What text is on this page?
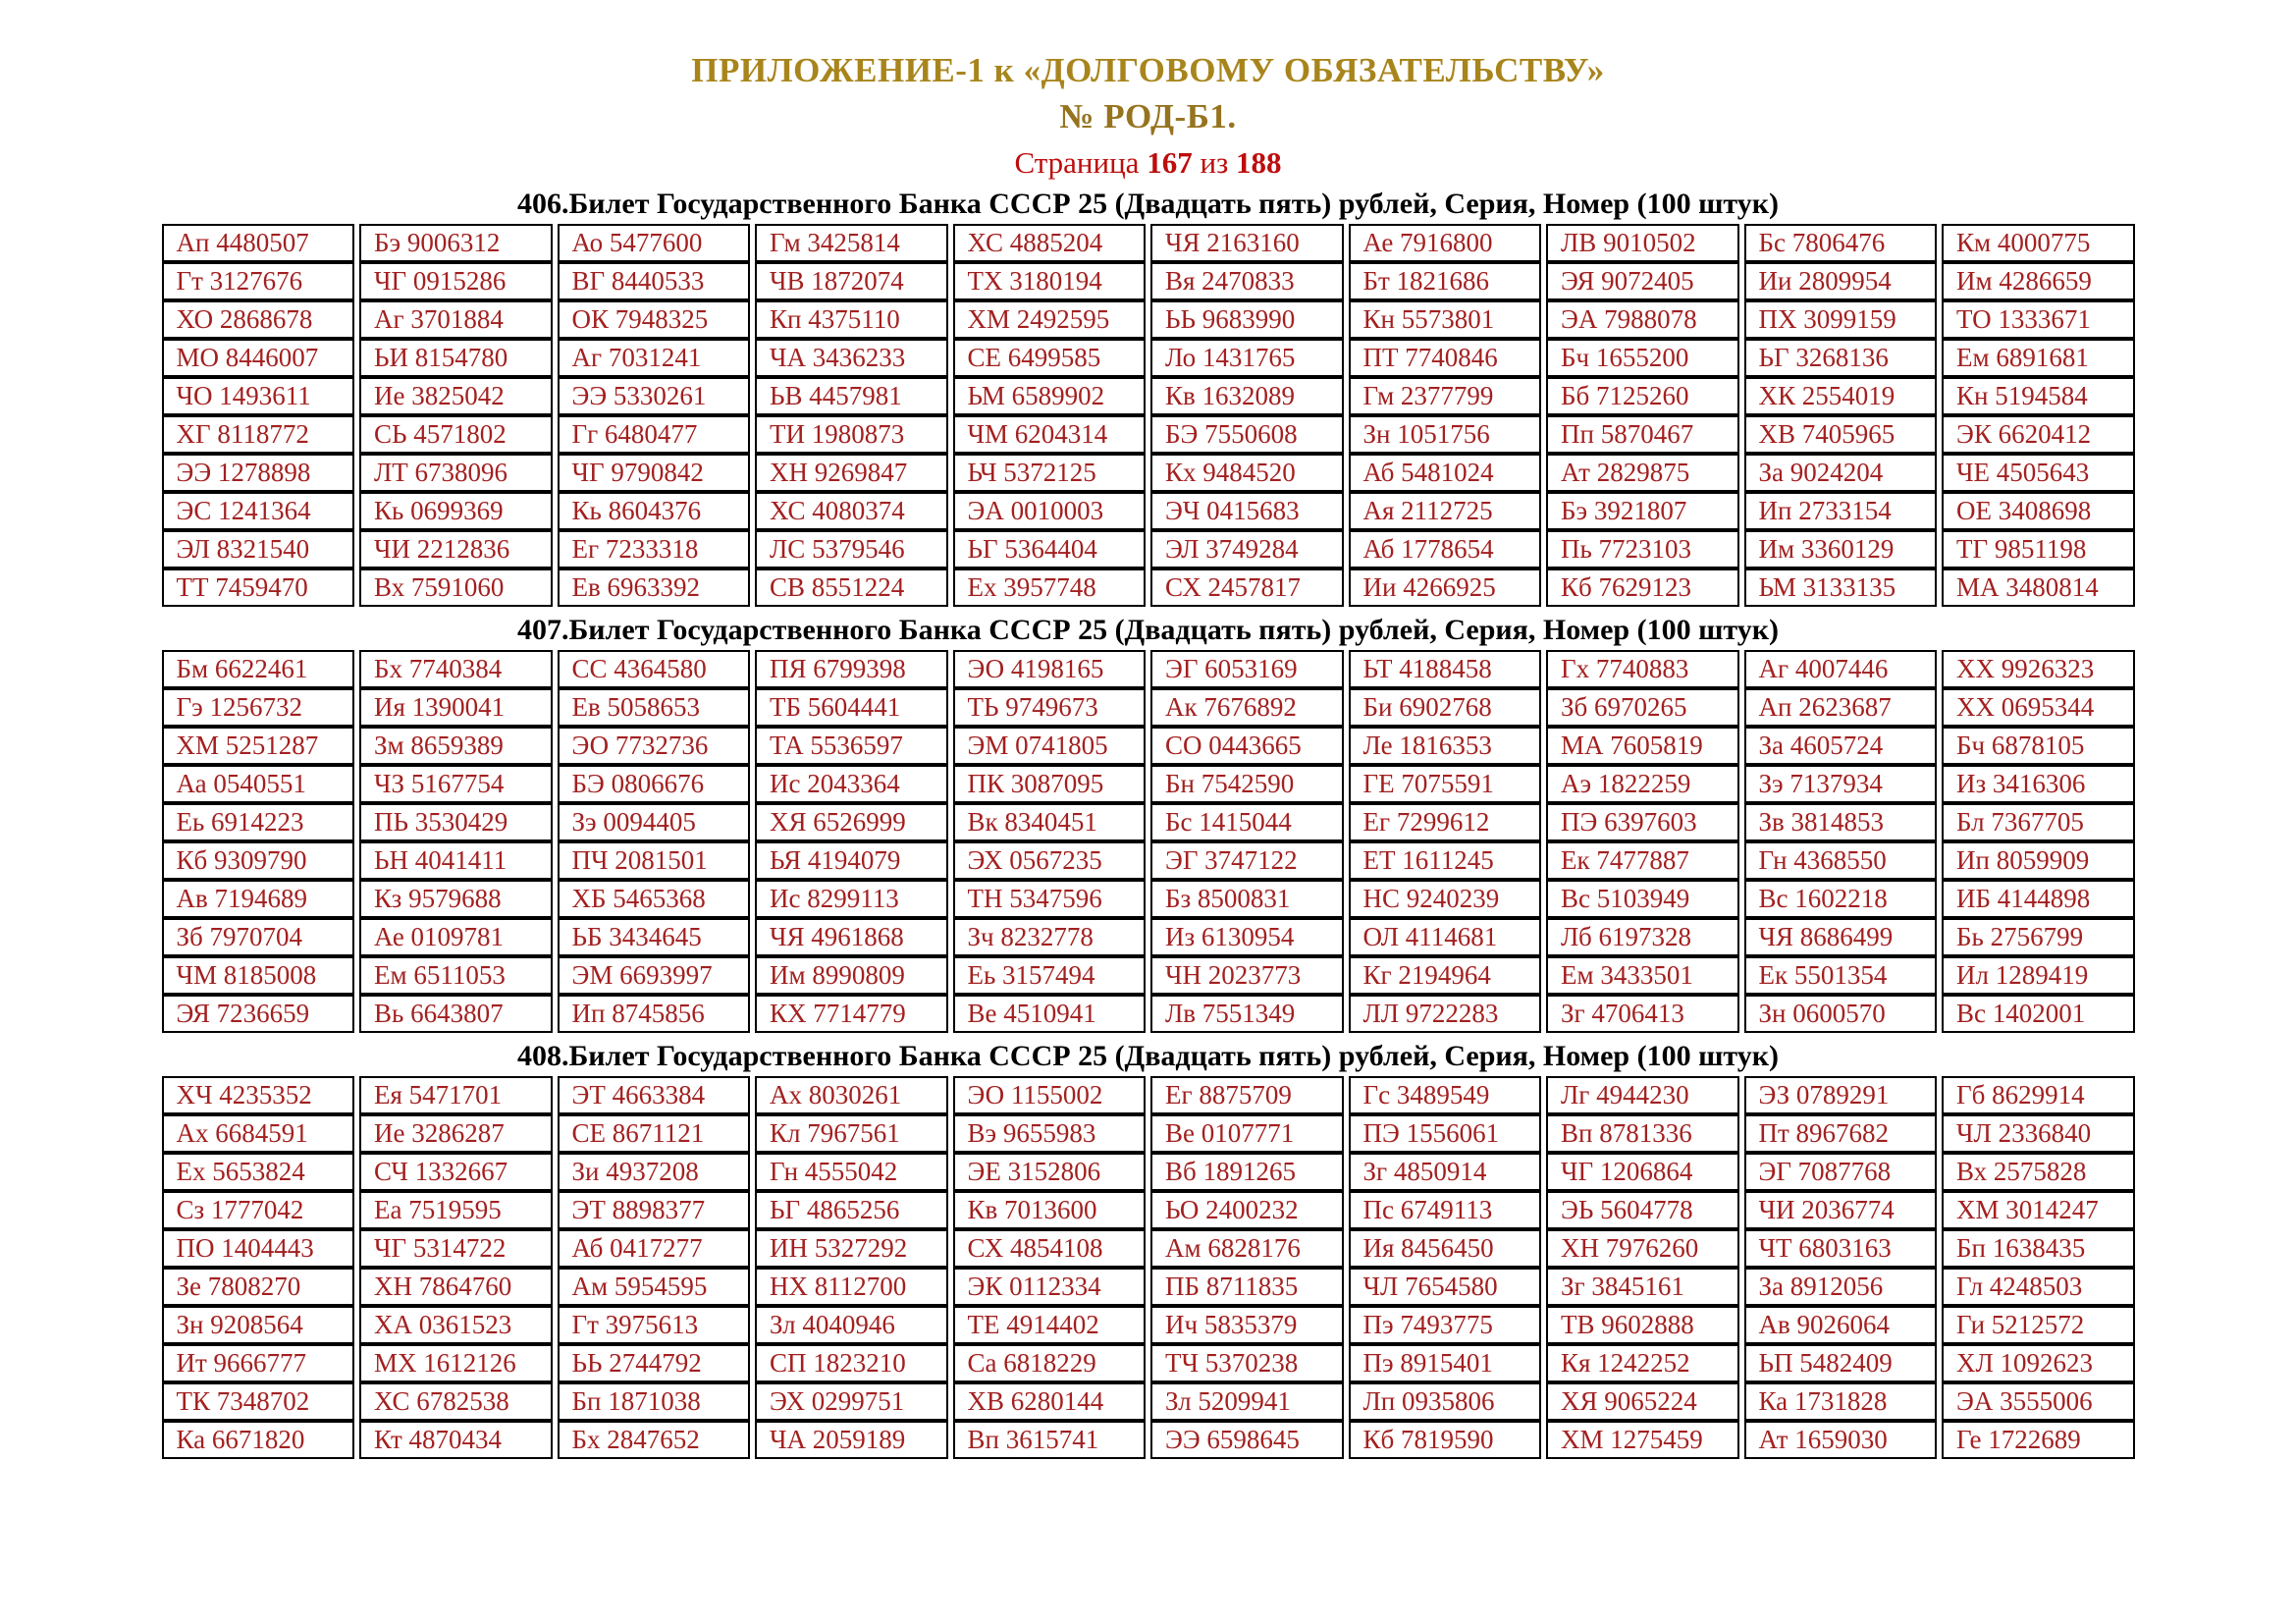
ПРИЛОЖЕНИЕ-1 к «ДОЛГОВОМУ ОБЯЗАТЕЛЬСТВУ»
№ РОД-Б1.
Страница 167 из 188
406.Билет Государственного Банка СССР 25 (Двадцать пять) рублей, Серия, Номер (100 штук)
Ап 4480507	Бэ 9006312	Ао 5477600	Гм 3425814	ХС 4885204	ЧЯ 2163160	Ае 7916800	ЛВ 9010502	Бс 7806476	Км 4000775
Гт 3127676	ЧГ 0915286	ВГ 8440533	ЧВ 1872074	ТХ 3180194	Вя 2470833	Бт 1821686	ЭЯ 9072405	Ии 2809954	Им 4286659
ХО 2868678	Аг 3701884	ОК 7948325	Кп 4375110	ХМ 2492595	ЬЬ 9683990	Кн 5573801	ЭА 7988078	ПХ 3099159	ТО 1333671
МО 8446007	ЬИ 8154780	Аг 7031241	ЧА 3436233	СЕ 6499585	Ло 1431765	ПТ 7740846	Бч 1655200	ЬГ 3268136	Ем 6891681
ЧО 1493611	Ие 3825042	ЭЭ 5330261	ЬВ 4457981	ЬМ 6589902	Кв 1632089	Гм 2377799	Бб 7125260	ХК 2554019	Кн 5194584
ХГ 8118772	СЬ 4571802	Гг 6480477	ТИ 1980873	ЧМ 6204314	БЭ 7550608	Зн 1051756	Пп 5870467	ХВ 7405965	ЭК 6620412
ЭЭ 1278898	ЛТ 6738096	ЧГ 9790842	ХН 9269847	ЬЧ 5372125	Кх 9484520	Аб 5481024	Ат 2829875	За 9024204	ЧЕ 4505643
ЭС 1241364	Кь 0699369	Кь 8604376	ХС 4080374	ЭА 0010003	ЭЧ 0415683	Ая 2112725	Бэ 3921807	Ип 2733154	ОЕ 3408698
ЭЛ 8321540	ЧИ 2212836	Ег 7233318	ЛС 5379546	ЬГ 5364404	ЭЛ 3749284	Аб 1778654	Пь 7723103	Им 3360129	ТГ 9851198
ТТ 7459470	Вх 7591060	Ев 6963392	СВ 8551224	Ех 3957748	СХ 2457817	Ии 4266925	Кб 7629123	ЬМ 3133135	МА 3480814
407.Билет Государственного Банка СССР 25 (Двадцать пять) рублей, Серия, Номер (100 штук)
Бм 6622461	Бх 7740384	СС 4364580	ПЯ 6799398	ЭО 4198165	ЭГ 6053169	ЬТ 4188458	Гх 7740883	Аг 4007446	ХХ 9926323
Гэ 1256732	Ия 1390041	Ев 5058653	ТБ 5604441	ТЬ 9749673	Ак 7676892	Би 6902768	Зб 6970265	Ап 2623687	ХХ 0695344
ХМ 5251287	Зм 8659389	ЭО 7732736	ТА 5536597	ЭМ 0741805	СО 0443665	Ле 1816353	МА 7605819	За 4605724	Бч 6878105
Аа 0540551	ЧЗ 5167754	БЭ 0806676	Ис 2043364	ПК 3087095	Бн 7542590	ГЕ 7075591	Аэ 1822259	Зэ 7137934	Из 3416306
Еь 6914223	ПЬ 3530429	Зэ 0094405	ХЯ 6526999	Вк 8340451	Бс 1415044	Ег 7299612	ПЭ 6397603	Зв 3814853	Бл 7367705
Кб 9309790	ЬН 4041411	ПЧ 2081501	ЬЯ 4194079	ЭХ 0567235	ЭГ 3747122	ЕТ 1611245	Ек 7477887	Гн 4368550	Ип 8059909
Ав 7194689	Кз 9579688	ХБ 5465368	Ис 8299113	ТН 5347596	Бз 8500831	НС 9240239	Вс 5103949	Вс 1602218	ИБ 4144898
Зб 7970704	Ае 0109781	ЬБ 3434645	ЧЯ 4961868	Зч 8232778	Из 6130954	ОЛ 4114681	Лб 6197328	ЧЯ 8686499	Бь 2756799
ЧМ 8185008	Ем 6511053	ЭМ 6693997	Им 8990809	Еь 3157494	ЧН 2023773	Кг 2194964	Ем 3433501	Ек 5501354	Ил 1289419
ЭЯ 7236659	Вь 6643807	Ип 8745856	КХ 7714779	Ве 4510941	Лв 7551349	ЛЛ 9722283	Зг 4706413	Зн 0600570	Вс 1402001
408.Билет Государственного Банка СССР 25 (Двадцать пять) рублей, Серия, Номер (100 штук)
ХЧ 4235352	Ея 5471701	ЭТ 4663384	Ах 8030261	ЭО 1155002	Ег 8875709	Гс 3489549	Лг 4944230	ЭЗ 0789291	Гб 8629914
Ах 6684591	Ие 3286287	СЕ 8671121	Кл 7967561	Вэ 9655983	Ве 0107771	ПЭ 1556061	Вп 8781336	Пт 8967682	ЧЛ 2336840
Ех 5653824	СЧ 1332667	Зи 4937208	Гн 4555042	ЭЕ 3152806	Вб 1891265	Зг 4850914	ЧГ 1206864	ЭГ 7087768	Вх 2575828
Сз 1777042	Еа 7519595	ЭТ 8898377	ЬГ 4865256	Кв 7013600	ЬО 2400232	Пс 6749113	ЭЬ 5604778	ЧИ 2036774	ХМ 3014247
ПО 1404443	ЧГ 5314722	Аб 0417277	ИН 5327292	СХ 4854108	Ам 6828176	Ия 8456450	ХН 7976260	ЧТ 6803163	Бп 1638435
Зе 7808270	ХН 7864760	Ам 5954595	НХ 8112700	ЭК 0112334	ПБ 8711835	ЧЛ 7654580	Зг 3845161	За 8912056	Гл 4248503
Зн 9208564	ХА 0361523	Гт 3975613	Зл 4040946	ТЕ 4914402	Ич 5835379	Пэ 7493775	ТВ 9602888	Ав 9026064	Ги 5212572
Ит 9666777	МХ 1612126	ЬЬ 2744792	СП 1823210	Са 6818229	ТЧ 5370238	Пэ 8915401	Кя 1242252	ЬП 5482409	ХЛ 1092623
ТК 7348702	ХС 6782538	Бп 1871038	ЭХ 0299751	ХВ 6280144	Зл 5209941	Лп 0935806	ХЯ 9065224	Ка 1731828	ЭА 3555006
Ка 6671820	Кт 4870434	Бх 2847652	ЧА 2059189	Вп 3615741	ЭЭ 6598645	Кб 7819590	ХМ 1275459	Ат 1659030	Ге 1722689
